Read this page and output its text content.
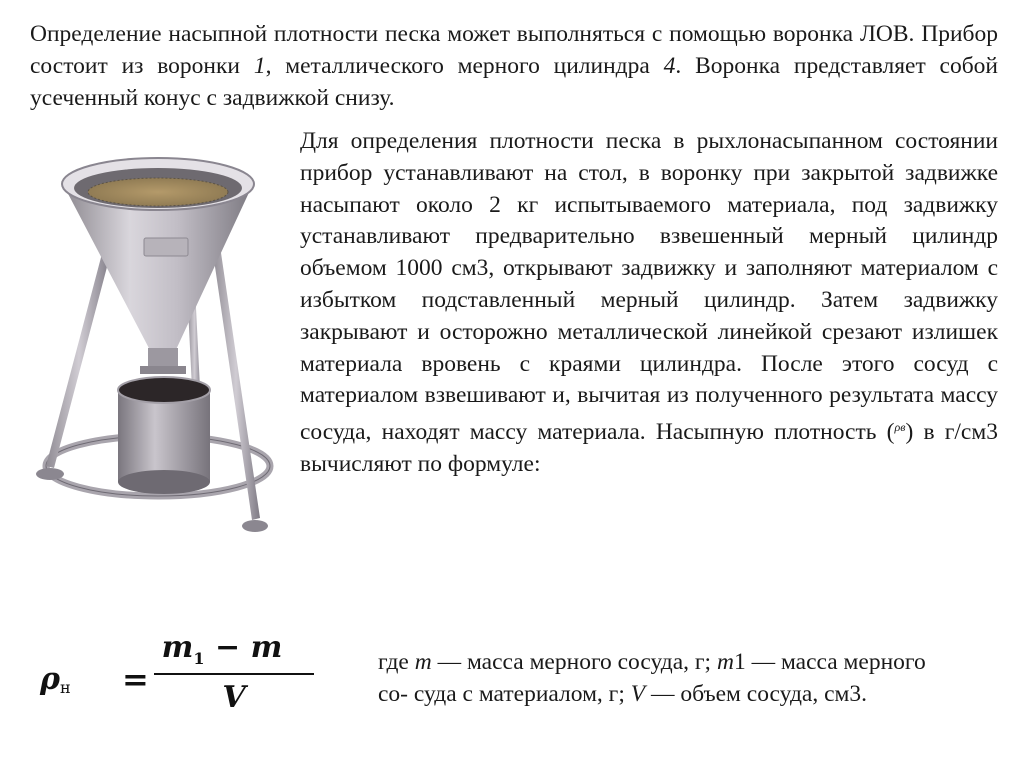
Определение насыпной плотности песка может выполняться с помощью воронка ЛОВ. Прибор состоит из воронки 1, металлического мерного цилиндра 4. Воронка представляет собой усеченный конус с задвижкой снизу.
Для определения плотности песка в рыхлонасыпанном состоянии прибор устанавливают на стол, в воронку при закрытой задвижке насыпают около 2 кг испытываемого материала, под задвижку устанавливают предварительно взвешенный мерный цилиндр объемом 1000 см3, открывают задвижку и заполняют материалом с избытком подставленный мерный цилиндр. Затем задвижку закрывают и осторожно металлической линейкой срезают излишек материала вровень с краями цилиндра. После этого сосуд с материалом взвешивают и, вычитая из полученного результата массу сосуда, находят массу материала. Насыпную плотность (ρв) в г/см3 вычисляют по формуле:
$\rho_н$ =
$m_1 - m$
V
где m — масса мерного сосуда, г; m1 — масса мерного со- суда с материалом, г; V — объем сосуда, см3.
